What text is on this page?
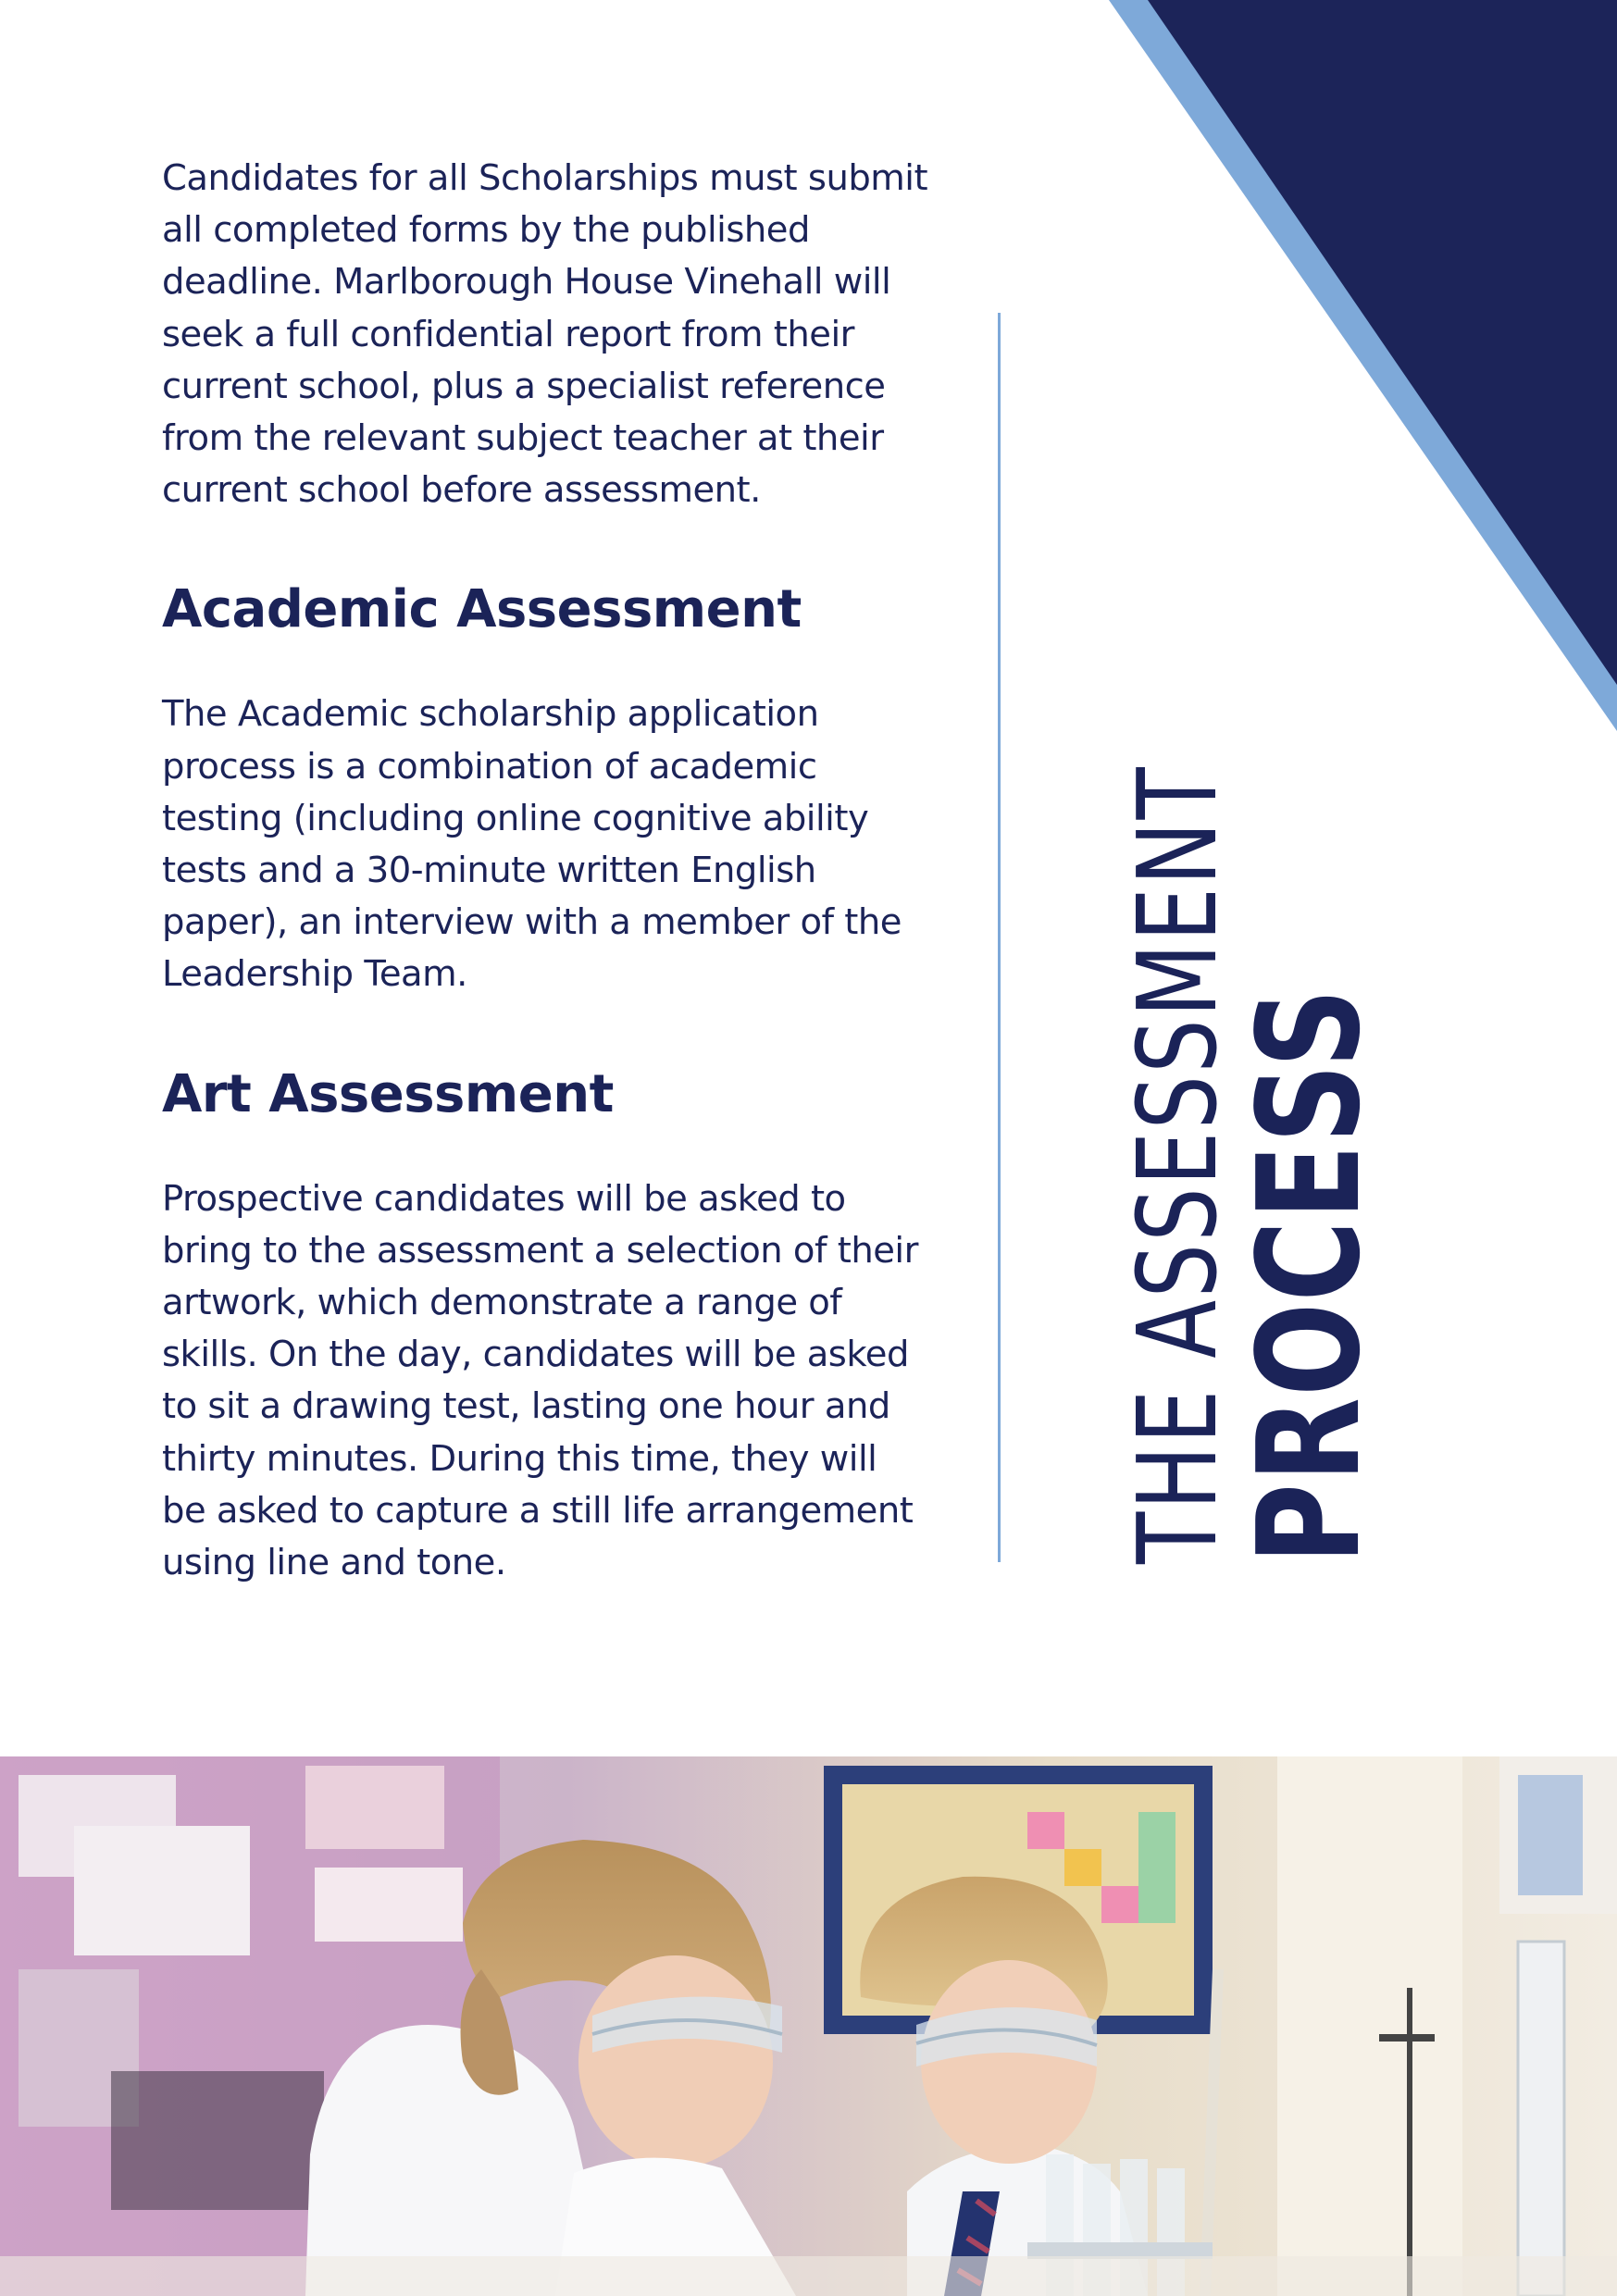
Candidates for all Scholarships must submit all completed forms by the published deadline. Marlborough House Vinehall will seek a full confidential report from their current school, plus a specialist reference from the relevant subject teacher at their current school before assessment.

Academic Assessment

The Academic scholarship application process is a combination of academic testing (including online cognitive ability tests and a 30-minute written English paper), an interview with a member of the Leadership Team.

Art Assessment

Prospective candidates will be asked to bring to the assessment a selection of their artwork, which demonstrate a range of skills. On the day, candidates will be asked to sit a drawing test, lasting one hour and thirty minutes. During this time, they will be asked to capture a still life arrangement using line and tone.	THE ASSESSMENT
PROCESS
